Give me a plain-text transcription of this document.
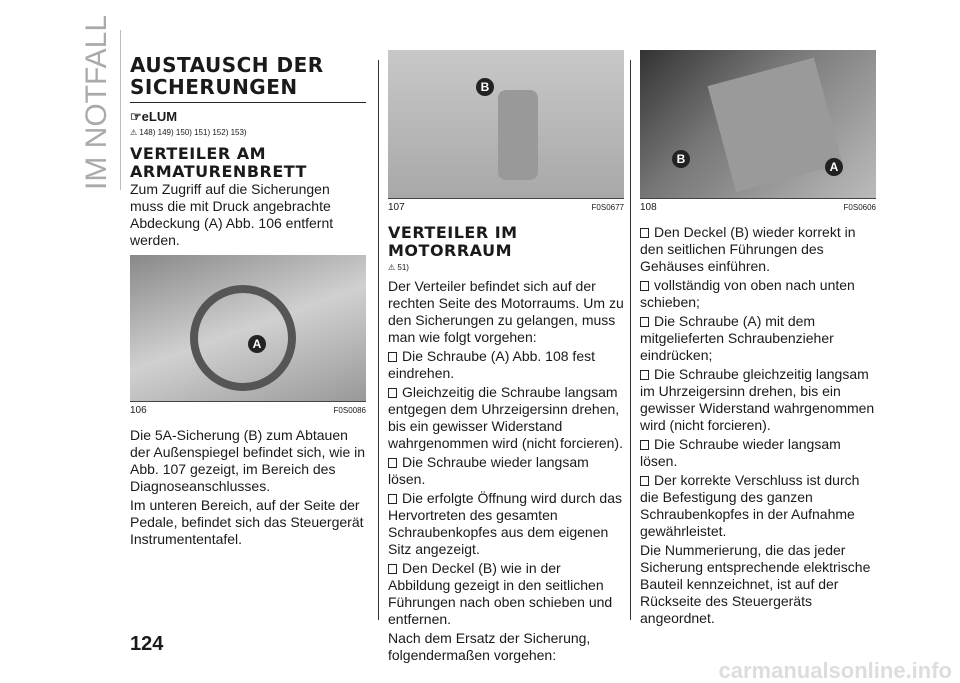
IM NOTFALL AUSTAUSCH DER SICHERUNGEN
☞eLUM
⚠ 148) 149) 150) 151) 152) 153)
VERTEILER AM ARMATURENBRETT

Zum Zugriff auf die Sicherungen muss die mit Druck angebrachte Abdeckung (A) Abb. 106 entfernt werden.

A
106	F0S0086

Die 5A-Sicherung (B) zum Abtauen der Außenspiegel befindet sich, wie in Abb. 107 gezeigt, im Bereich des Diagnoseanschlusses.

Im unteren Bereich, auf der Seite der Pedale, befindet sich das Steuergerät Instrumententafel.

B
107	F0S0677
VERTEILER IM MOTORRAUM
⚠ 51)

Der Verteiler befindet sich auf der rechten Seite des Motorraums. Um zu den Sicherungen zu gelangen, muss man wie folgt vorgehen:

Die Schraube (A) Abb. 108 fest eindrehen.

Gleichzeitig die Schraube langsam entgegen dem Uhrzeigersinn drehen, bis ein gewisser Widerstand wahrgenommen wird (nicht forcieren).

Die Schraube wieder langsam lösen.

Die erfolgte Öffnung wird durch das Hervortreten des gesamten Schraubenkopfes aus dem eigenen Sitz angezeigt.

Den Deckel (B) wie in der Abbildung gezeigt in den seitlichen Führungen nach oben schieben und entfernen.

Nach dem Ersatz der Sicherung, folgendermaßen vorgehen:

B
A
108	F0S0606

Den Deckel (B) wieder korrekt in den seitlichen Führungen des Gehäuses einführen.

vollständig von oben nach unten schieben;

Die Schraube (A) mit dem mitgelieferten Schraubenzieher eindrücken;

Die Schraube gleichzeitig langsam im Uhrzeigersinn drehen, bis ein gewisser Widerstand wahrgenommen wird (nicht forcieren).

Die Schraube wieder langsam lösen.

Der korrekte Verschluss ist durch die Befestigung des ganzen Schraubenkopfes in der Aufnahme gewährleistet.

Die Nummerierung, die das jeder Sicherung entsprechende elektrische Bauteil kennzeichnet, ist auf der Rückseite des Steuergeräts angeordnet.

124
carmanualsonline.info
